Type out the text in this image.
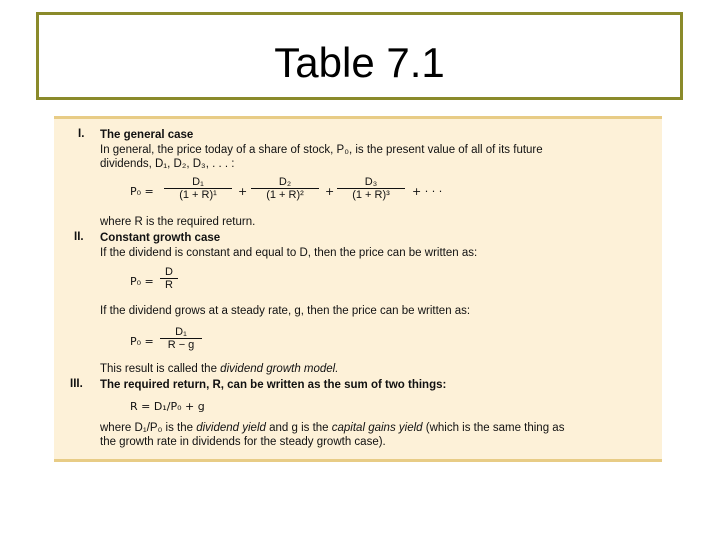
Table 7.1
I. The general case
In general, the price today of a share of stock, P₀, is the present value of all of its future
dividends, D₁, D₂, D₃, . . . :
$P_0 = \frac{\text{D₁}}{\text{(1 + R)¹}} + \frac{\text{D₂}}{\text{(1 + R)²}} + \frac{\text{D₃}}{\text{(1 + R)³}}$ + · · ·
where R is the required return.
II. Constant growth case
If the dividend is constant and equal to D, then the price can be written as:
$P_0 = \frac{D}{R}$
If the dividend grows at a steady rate, g, then the price can be written as:
$P_0 = \frac{\text{D₁}}{R - g}$
This result is called the dividend growth model.
III. The required return, R, can be written as the sum of two things:
R = D₁/P₀ + g
where D₁/P₀ is the dividend yield and g is the capital gains yield (which is the same thing as
the growth rate in dividends for the steady growth case).
